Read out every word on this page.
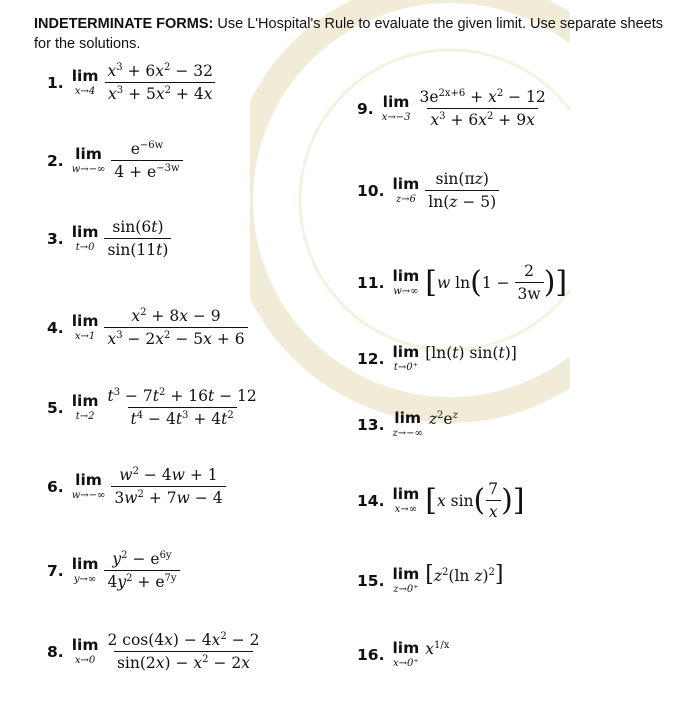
INDETERMINATE FORMS: Use L'Hospital's Rule to evaluate the given limit. Use separate sheets for the solutions.
1. lim
$x\to 4 \frac{x^3 + 6x^2 - 32}{x^3 + 5x^2 + 4x}$
2. lim
$w\to-\infty \frac{e^{-6w}}{4 + e^{-3w}}$
3. lim
$t\to 0 \frac{\sin(6t)}{\sin(11t)}$
4. lim
$x\to 1 \frac{x^2 + 8x - 9}{x^3 - 2x^2 - 5x + 6}$
5. lim
$t\to 2 \frac{t^3 - 7t^2 + 16t - 12}{t^4 - 4t^3 + 4t^2}$
6. lim
$w\to-\infty \frac{w^2 - 4w + 1}{3w^2 + 7w - 4}$
7. lim
$y\to\infty \frac{y^2 - e^{6y}}{4y^2 + e^{7y}}$
8. lim
$x\to 0 \frac{2 \cos(4x) - 4x^2 - 2}{\sin(2x) - x^2 - 2x}$
9. lim
$x\to-3 \frac{3e^{2x+6} + x^2 - 12}{x^3 + 6x^2 + 9x}$
10. lim
$z\to 6 \frac{\sin(\pi z)}{\ln(z - 5)}$
11. lim
w→∞ [ w ln ( $1 - \frac{2}{3w}$ )]
12. lim
t→0⁺
[ln(t) sin(t)]
13. lim
z→−∞
$z^2e^z$
14. lim
x→∞ [ x sin ( $\frac{7}{x}$ )]
15. lim
z→0⁺
[$z^2(\ln$ z)$^2$]
16. lim
x→0⁺
$x^{1/x}$
